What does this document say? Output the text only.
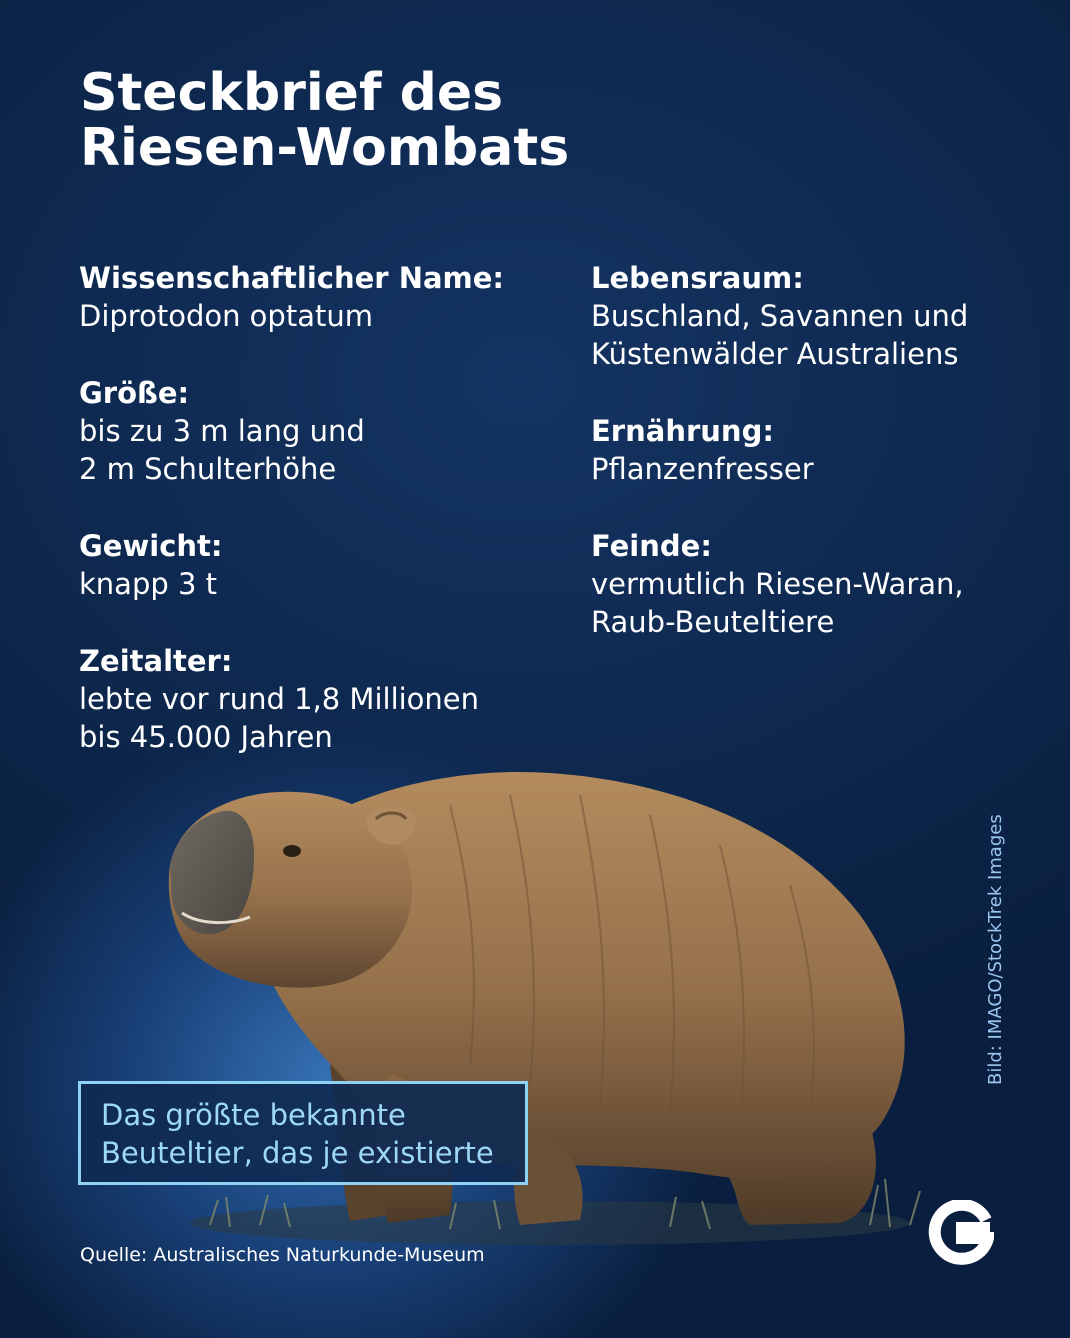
Steckbrief des
Riesen-Wombats
Wissenschaftlicher Name:
Diprotodon optatum
Größe:
bis zu 3 m lang und
2 m Schulterhöhe
Gewicht:
knapp 3 t
Zeitalter:
lebte vor rund 1,8 Millionen
bis 45.000 Jahren
Lebensraum:
Buschland, Savannen und
Küstenwälder Australiens
Ernährung:
Pflanzenfresser
Feinde:
vermutlich Riesen-Waran,
Raub-Beuteltiere
Das größte bekannte
Beuteltier, das je existierte
Quelle: Australisches Naturkunde-Museum
Bild: IMAGO/StockTrek Images
